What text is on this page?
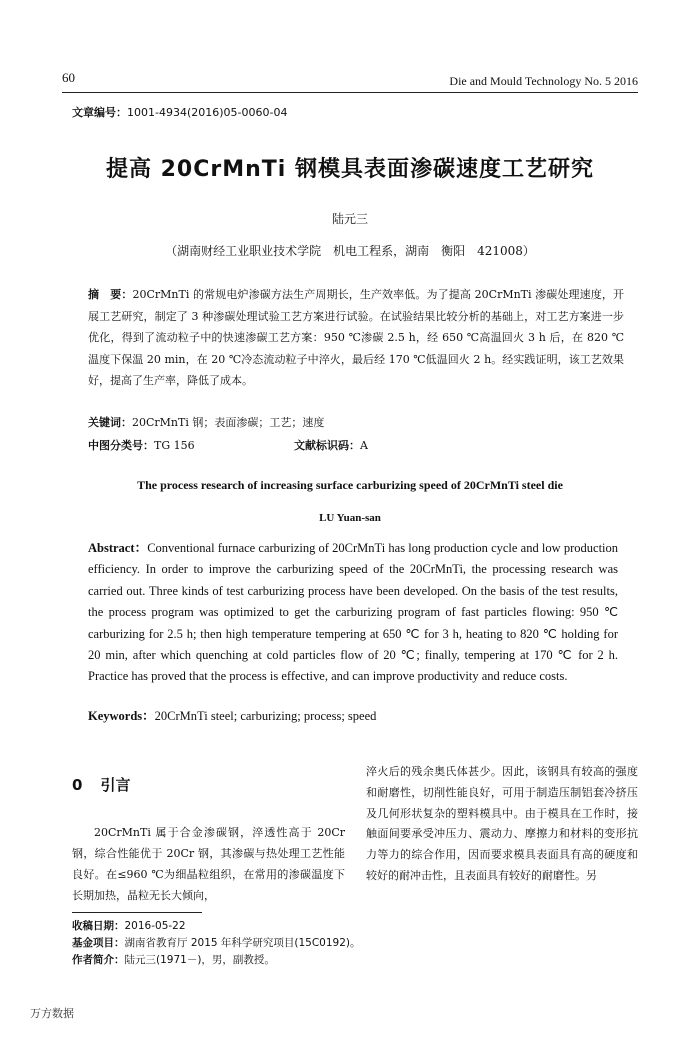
60	Die and Mould Technology No. 5 2016
文章编号：1001-4934(2016)05-0060-04
提高 20CrMnTi 钢模具表面渗碳速度工艺研究
陆元三
（湖南财经工业职业技术学院　机电工程系，湖南　衡阳　421008）
摘　要：20CrMnTi 的常规电炉渗碳方法生产周期长，生产效率低。为了提高 20CrMnTi 渗碳处理速度，开展工艺研究，制定了 3 种渗碳处理试验工艺方案进行试验。在试验结果比较分析的基础上，对工艺方案进一步优化，得到了流动粒子中的快速渗碳工艺方案：950 ℃渗碳 2.5 h，经 650 ℃高温回火 3 h 后，在 820 ℃温度下保温 20 min，在 20 ℃冷态流动粒子中淬火，最后经 170 ℃低温回火 2 h。经实践证明，该工艺效果好，提高了生产率，降低了成本。
关键词：20CrMnTi 钢；表面渗碳；工艺；速度
中图分类号：TG 156	文献标识码：A
The process research of increasing surface carburizing speed of 20CrMnTi steel die
LU Yuan-san
Abstract：Conventional furnace carburizing of 20CrMnTi has long production cycle and low production efficiency. In order to improve the carburizing speed of the 20CrMnTi, the processing research was carried out. Three kinds of test carburizing process have been developed. On the basis of the test results, the process program was optimized to get the carburizing program of fast particles flowing: 950 ℃ carburizing for 2.5 h; then high temperature tempering at 650 ℃ for 3 h, heating to 820 ℃ holding for 20 min, after which quenching at cold particles flow of 20 ℃; finally, tempering at 170 ℃ for 2 h. Practice has proved that the process is effective, and can improve productivity and reduce costs.
Keywords：20CrMnTi steel; carburizing; process; speed
0 引言
20CrMnTi 属于合金渗碳钢，淬透性高于 20Cr 钢，综合性能优于 20Cr 钢，其渗碳与热处理工艺性能良好。在≤960 ℃为细晶粒组织，在常用的渗碳温度下长期加热，晶粒无长大倾向，
淬火后的残余奥氏体甚少。因此，该钢具有较高的强度和耐磨性，切削性能良好，可用于制造压制铝套冷挤压及几何形状复杂的塑料模具中。由于模具在工作时，接触面间要承受冲压力、震动力、摩擦力和材料的变形抗力等力的综合作用，因而要求模具表面具有高的硬度和较好的耐冲击性，且表面具有较好的耐磨性。另
收稿日期：2016-05-22
基金项目：湖南省教育厅 2015 年科学研究项目(15C0192)。
作者简介：陆元三(1971－)，男，副教授。
万方数据
